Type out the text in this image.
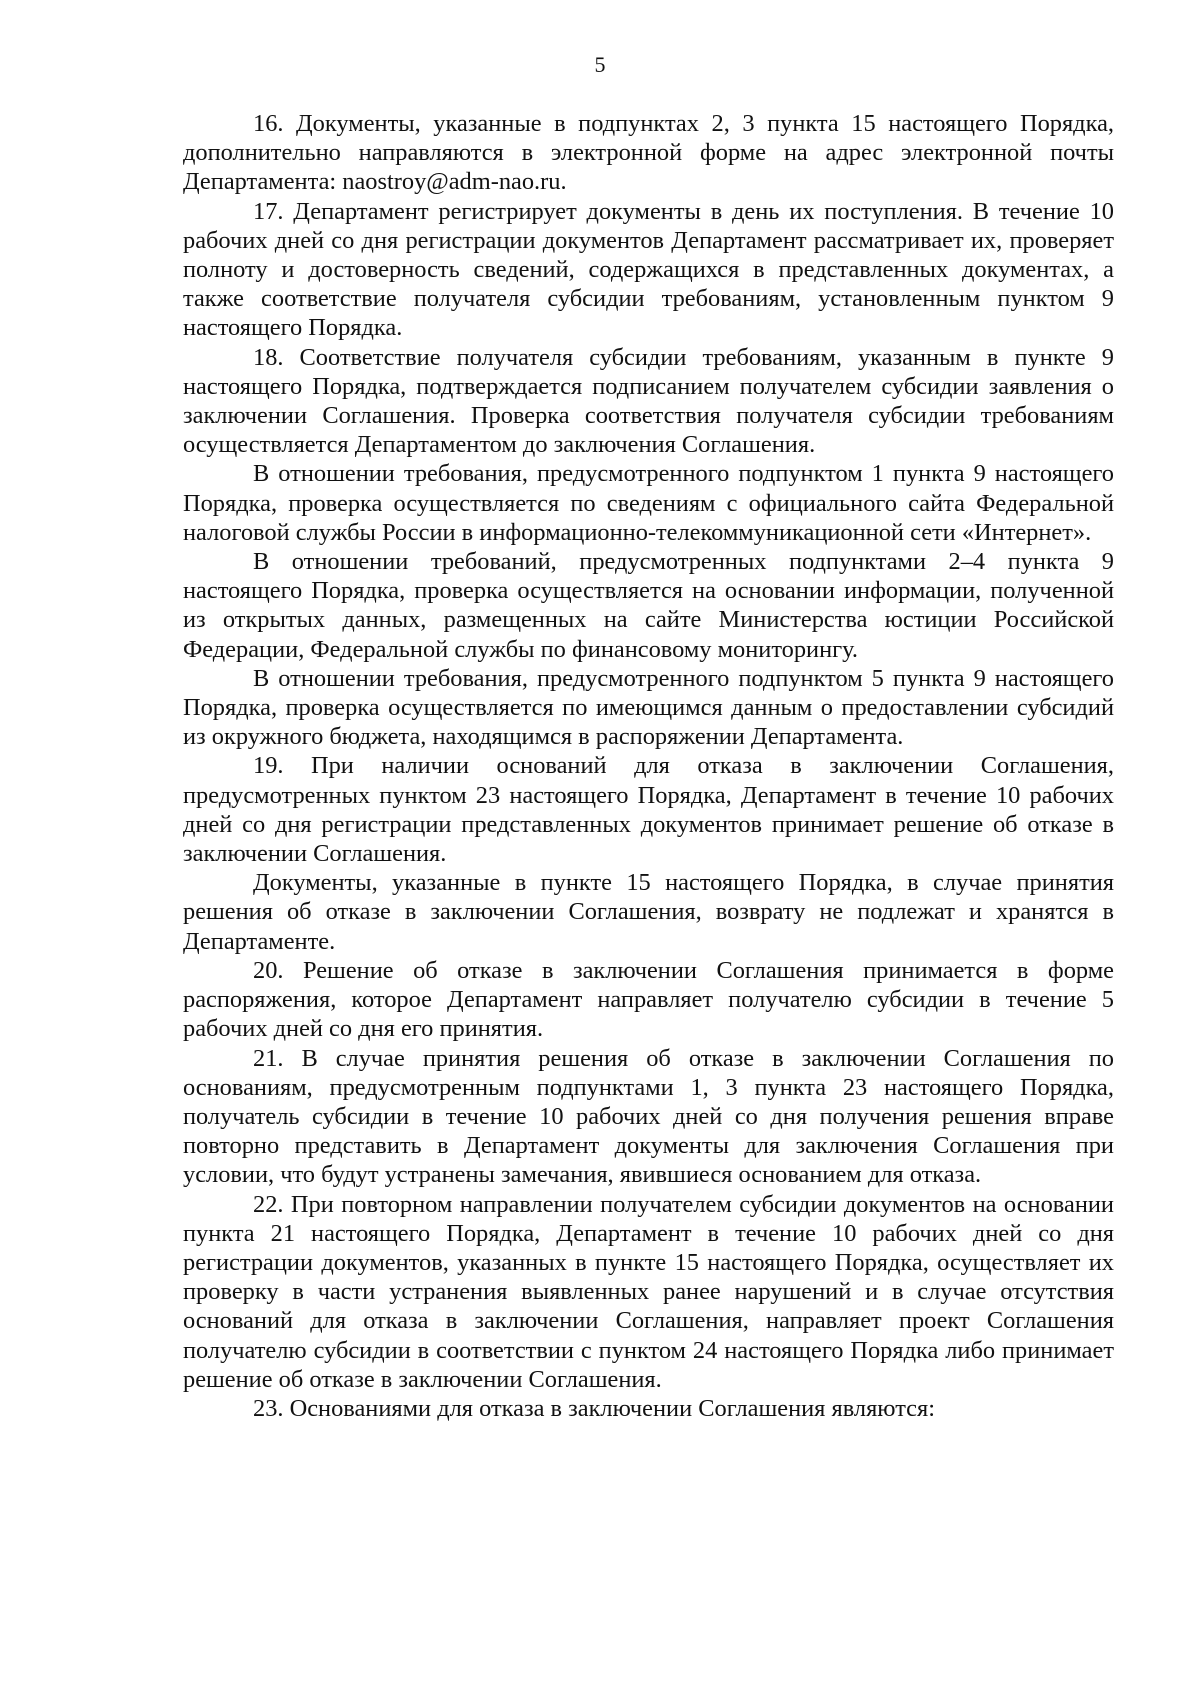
5

16. Документы, указанные в подпунктах 2, 3 пункта 15 настоящего Порядка, дополнительно направляются в электронной форме на адрес электронной почты Департамента: naostroy@adm-nao.ru.

17. Департамент регистрирует документы в день их поступления. В течение 10 рабочих дней со дня регистрации документов Департамент рассматривает их, проверяет полноту и достоверность сведений, содержащихся в представленных документах, а также соответствие получателя субсидии требованиям, установленным пунктом 9 настоящего Порядка.

18. Соответствие получателя субсидии требованиям, указанным в пункте 9 настоящего Порядка, подтверждается подписанием получателем субсидии заявления о заключении Соглашения. Проверка соответствия получателя субсидии требованиям осуществляется Департаментом до заключения Соглашения.

В отношении требования, предусмотренного подпунктом 1 пункта 9 настоящего Порядка, проверка осуществляется по сведениям с официального сайта Федеральной налоговой службы России в информационно-телекоммуникационной сети «Интернет».

В отношении требований, предусмотренных подпунктами 2–4 пункта 9 настоящего Порядка, проверка осуществляется на основании информации, полученной из открытых данных, размещенных на сайте Министерства юстиции Российской Федерации, Федеральной службы по финансовому мониторингу.

В отношении требования, предусмотренного подпунктом 5 пункта 9 настоящего Порядка, проверка осуществляется по имеющимся данным о предоставлении субсидий из окружного бюджета, находящимся в распоряжении Департамента.

19. При наличии оснований для отказа в заключении Соглашения, предусмотренных пунктом 23 настоящего Порядка, Департамент в течение 10 рабочих дней со дня регистрации представленных документов принимает решение об отказе в заключении Соглашения.

Документы, указанные в пункте 15 настоящего Порядка, в случае принятия решения об отказе в заключении Соглашения, возврату не подлежат и хранятся в Департаменте.

20. Решение об отказе в заключении Соглашения принимается в форме распоряжения, которое Департамент направляет получателю субсидии в течение 5 рабочих дней со дня его принятия.

21. В случае принятия решения об отказе в заключении Соглашения по основаниям, предусмотренным подпунктами 1, 3 пункта 23 настоящего Порядка, получатель субсидии в течение 10 рабочих дней со дня получения решения вправе повторно представить в Департамент документы для заключения Соглашения при условии, что будут устранены замечания, явившиеся основанием для отказа.

22. При повторном направлении получателем субсидии документов на основании пункта 21 настоящего Порядка, Департамент в течение 10 рабочих дней со дня регистрации документов, указанных в пункте 15 настоящего Порядка, осуществляет их проверку в части устранения выявленных ранее нарушений и в случае отсутствия оснований для отказа в заключении Соглашения, направляет проект Соглашения получателю субсидии в соответствии с пунктом 24 настоящего Порядка либо принимает решение об отказе в заключении Соглашения.

23. Основаниями для отказа в заключении Соглашения являются:
